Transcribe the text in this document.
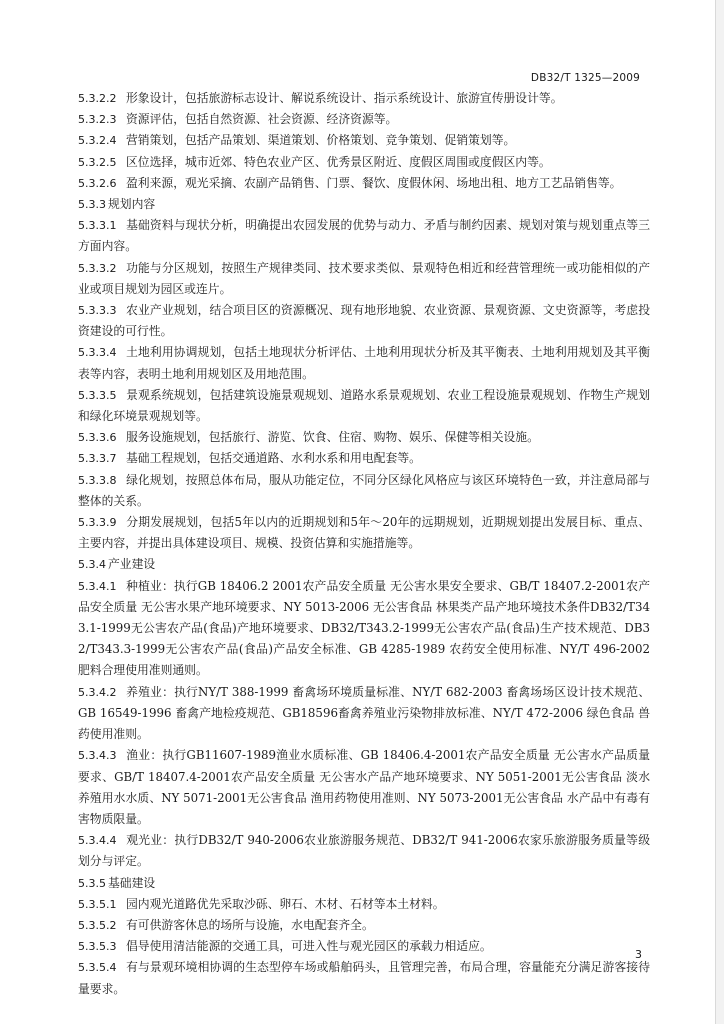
DB32/T 1325—2009

5.3.2.2 形象设计，包括旅游标志设计、解说系统设计、指示系统设计、旅游宣传册设计等。

5.3.2.3 资源评估，包括自然资源、社会资源、经济资源等。

5.3.2.4 营销策划，包括产品策划、渠道策划、价格策划、竞争策划、促销策划等。

5.3.2.5 区位选择，城市近郊、特色农业产区、优秀景区附近、度假区周围或度假区内等。

5.3.2.6 盈利来源，观光采摘、农副产品销售、门票、餐饮、度假休闲、场地出租、地方工艺品销售等。

5.3.3 规划内容

5.3.3.1 基础资料与现状分析，明确提出农园发展的优势与动力、矛盾与制约因素、规划对策与规划重点等三方面内容。

5.3.3.2 功能与分区规划，按照生产规律类同、技术要求类似、景观特色相近和经营管理统一或功能相似的产业或项目规划为园区或连片。

5.3.3.3 农业产业规划，结合项目区的资源概况、现有地形地貌、农业资源、景观资源、文史资源等，考虑投资建设的可行性。

5.3.3.4 土地利用协调规划，包括土地现状分析评估、土地利用现状分析及其平衡表、土地利用规划及其平衡表等内容，表明土地利用规划区及用地范围。

5.3.3.5 景观系统规划，包括建筑设施景观规划、道路水系景观规划、农业工程设施景观规划、作物生产规划和绿化环境景观规划等。

5.3.3.6 服务设施规划，包括旅行、游览、饮食、住宿、购物、娱乐、保健等相关设施。

5.3.3.7 基础工程规划，包括交通道路、水利水系和用电配套等。

5.3.3.8 绿化规划，按照总体布局，服从功能定位，不同分区绿化风格应与该区环境特色一致，并注意局部与整体的关系。

5.3.3.9 分期发展规划，包括5年以内的近期规划和5年～20年的远期规划，近期规划提出发展目标、重点、主要内容，并提出具体建设项目、规模、投资估算和实施措施等。

5.3.4 产业建设

5.3.4.1 种植业：执行GB 18406.2 2001农产品安全质量 无公害水果安全要求、GB/T 18407.2-2001农产品安全质量 无公害水果产地环境要求、NY 5013-2006 无公害食品 林果类产品产地环境技术条件DB32/T343.1-1999无公害农产品(食品)产地环境要求、DB32/T343.2-1999无公害农产品(食品)生产技术规范、DB32/T343.3-1999无公害农产品(食品)产品安全标准、GB 4285-1989 农药安全使用标准、NY/T 496-2002 肥料合理使用准则通则。

5.3.4.2 养殖业：执行NY/T 388-1999 畜禽场环境质量标准、NY/T 682-2003 畜禽场场区设计技术规范、GB 16549-1996 畜禽产地检疫规范、GB18596畜禽养殖业污染物排放标准、NY/T 472-2006 绿色食品 兽药使用准则。

5.3.4.3 渔业：执行GB11607-1989渔业水质标准、GB 18406.4-2001农产品安全质量 无公害水产品质量要求、GB/T 18407.4-2001农产品安全质量 无公害水产品产地环境要求、NY 5051-2001无公害食品 淡水养殖用水水质、NY 5071-2001无公害食品 渔用药物使用准则、NY 5073-2001无公害食品 水产品中有毒有害物质限量。

5.3.4.4 观光业：执行DB32/T 940-2006农业旅游服务规范、DB32/T 941-2006农家乐旅游服务质量等级划分与评定。

5.3.5 基础建设

5.3.5.1 园内观光道路优先采取沙砾、卵石、木材、石材等本土材料。

5.3.5.2 有可供游客休息的场所与设施，水电配套齐全。

5.3.5.3 倡导使用清洁能源的交通工具，可进入性与观光园区的承载力相适应。

5.3.5.4 有与景观环境相协调的生态型停车场或船舶码头，且管理完善，布局合理，容量能充分满足游客接待量要求。

3
